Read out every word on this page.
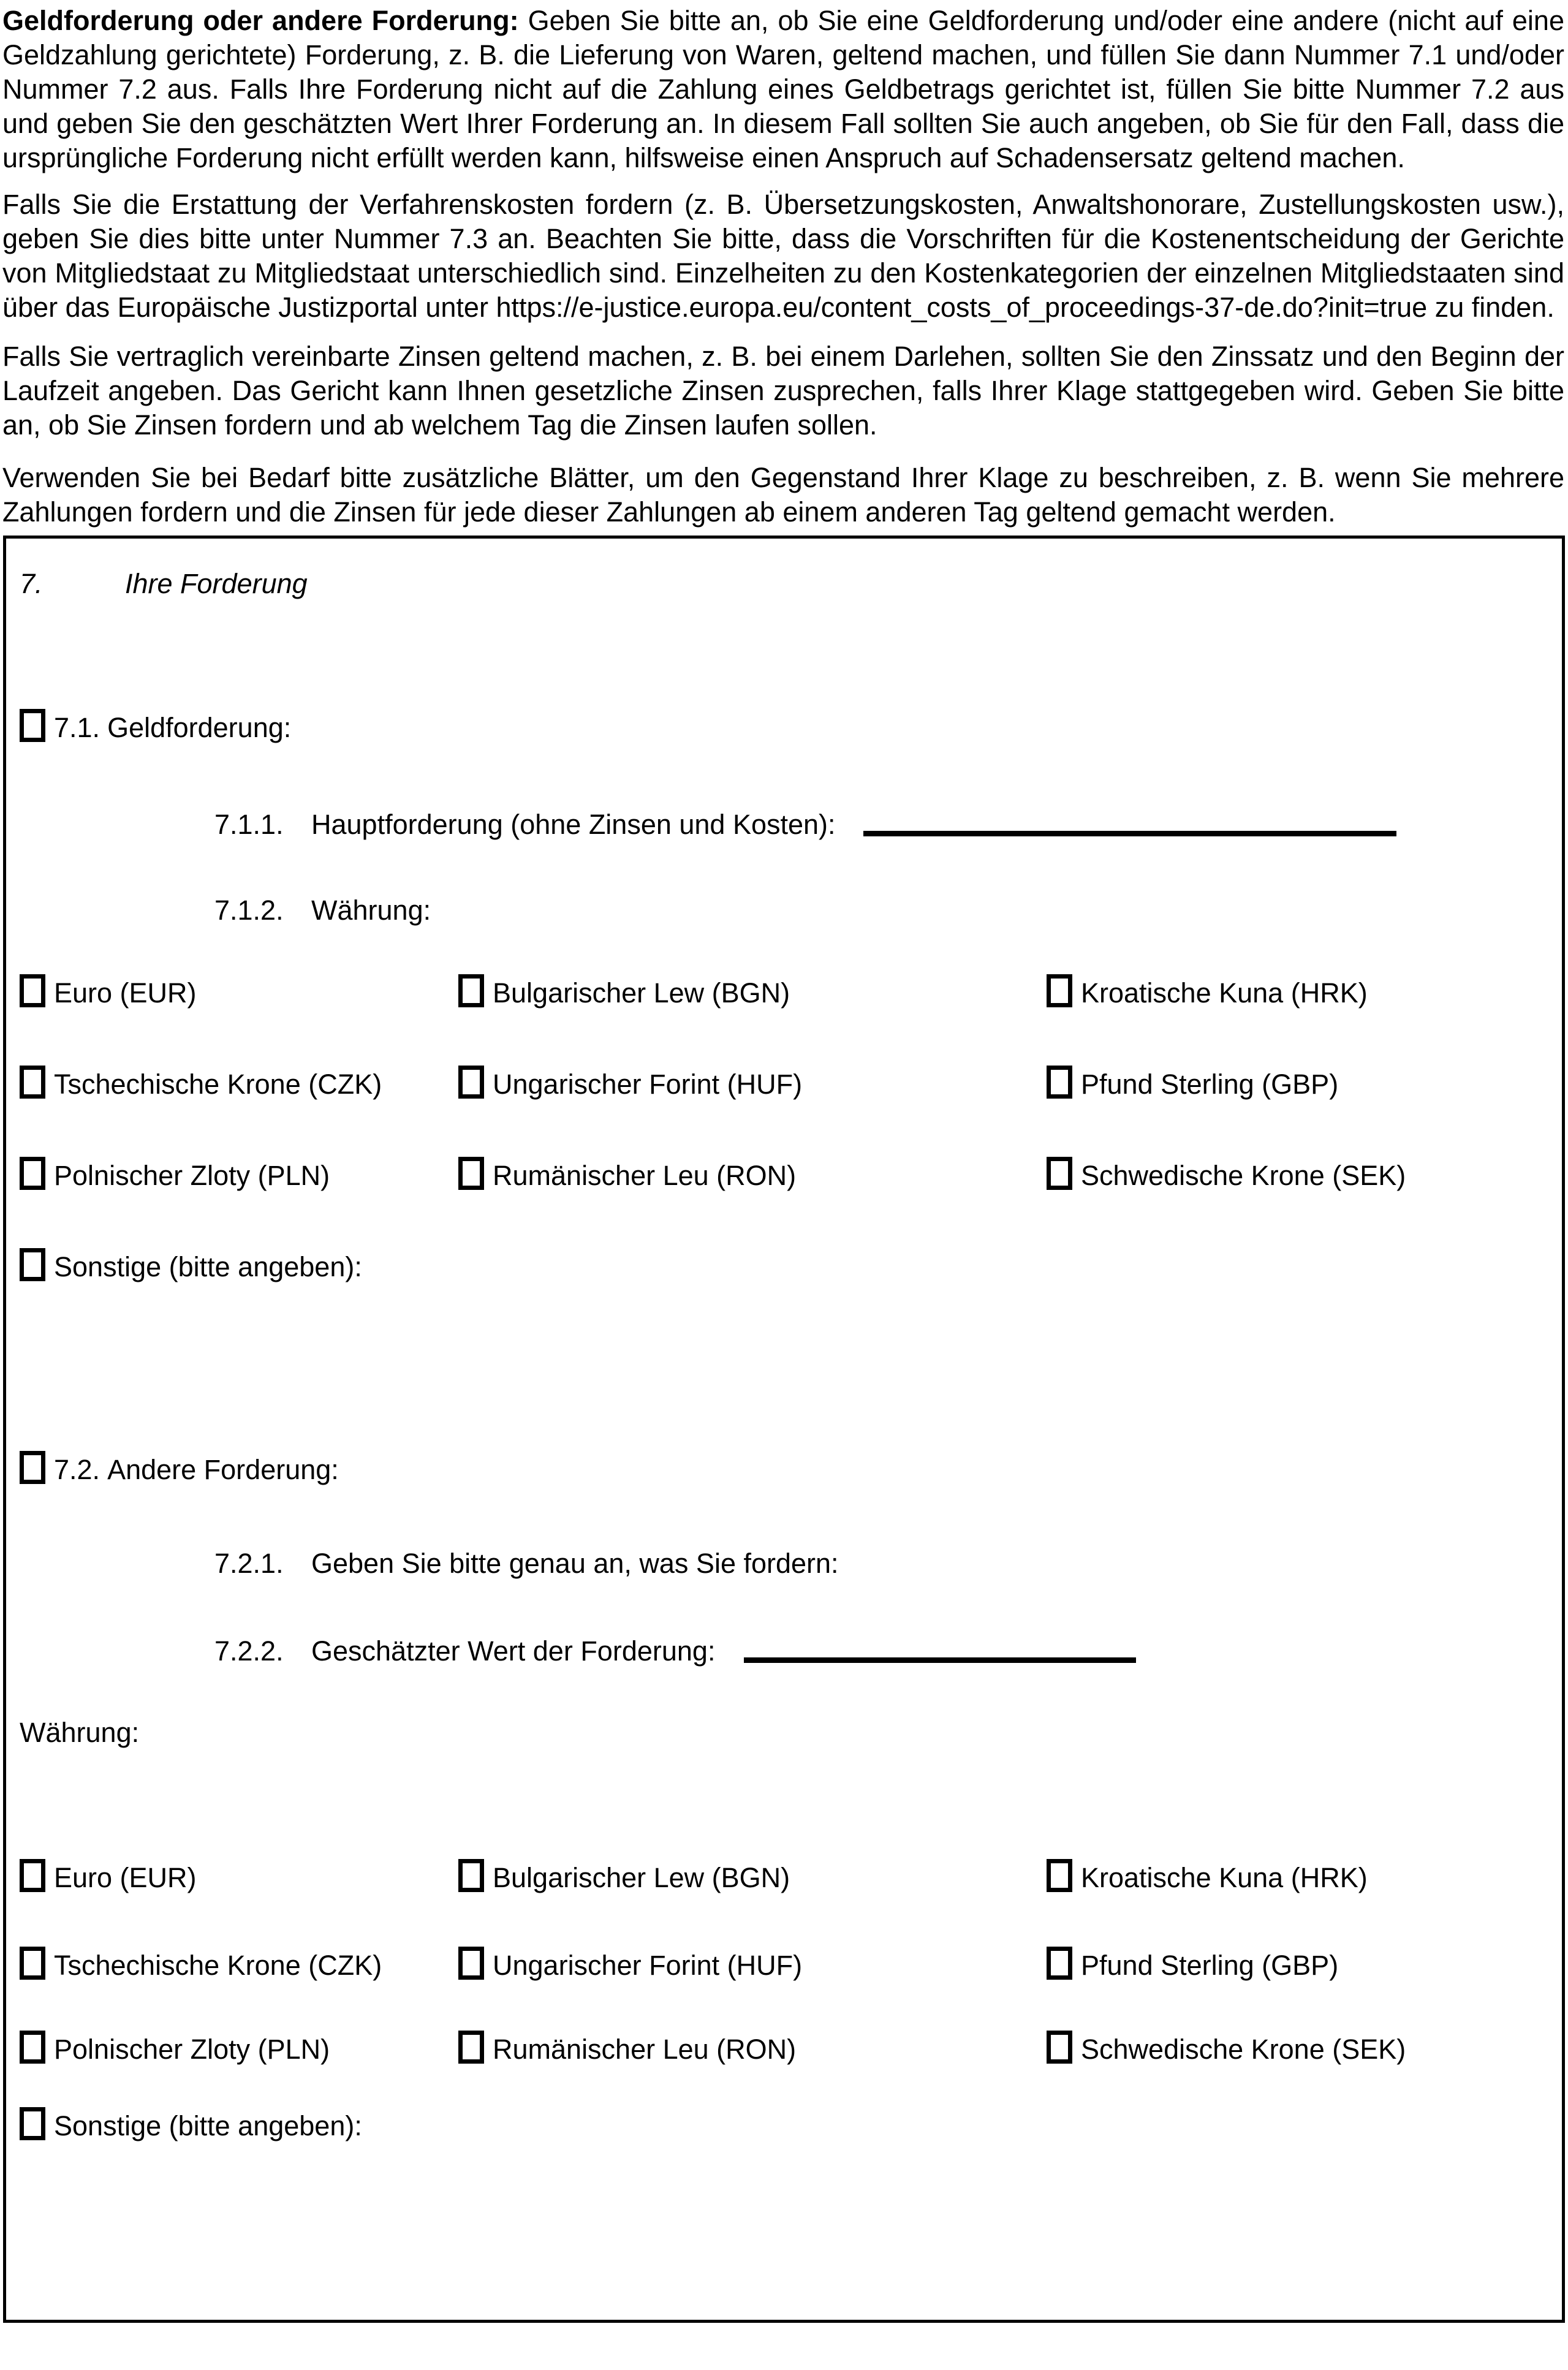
Geldforderung oder andere Forderung: Geben Sie bitte an, ob Sie eine Geldforderung und/oder eine andere (nicht auf eine Geldzahlung gerichtete) Forderung, z. B. die Lieferung von Waren, geltend machen, und füllen Sie dann Nummer 7.1 und/oder Nummer 7.2 aus. Falls Ihre Forderung nicht auf die Zahlung eines Geldbetrags gerichtet ist, füllen Sie bitte Nummer 7.2 aus und geben Sie den geschätzten Wert Ihrer Forderung an. In diesem Fall sollten Sie auch angeben, ob Sie für den Fall, dass die ursprüngliche Forderung nicht erfüllt werden kann, hilfsweise einen Anspruch auf Schadensersatz geltend machen.

Falls Sie die Erstattung der Verfahrenskosten fordern (z. B. Übersetzungskosten, Anwaltshonorare, Zustellungskosten usw.), geben Sie dies bitte unter Nummer 7.3 an. Beachten Sie bitte, dass die Vorschriften für die Kostenentscheidung der Gerichte von Mitgliedstaat zu Mitgliedstaat unterschiedlich sind. Einzelheiten zu den Kostenkategorien der einzelnen Mitgliedstaaten sind über das Europäische Justizportal unter https://e-justice.europa.eu/content_costs_of_proceedings-37-de.do?init=true zu finden.

Falls Sie vertraglich vereinbarte Zinsen geltend machen, z. B. bei einem Darlehen, sollten Sie den Zinssatz und den Beginn der Laufzeit angeben. Das Gericht kann Ihnen gesetzliche Zinsen zusprechen, falls Ihrer Klage stattgegeben wird. Geben Sie bitte an, ob Sie Zinsen fordern und ab welchem Tag die Zinsen laufen sollen.

Verwenden Sie bei Bedarf bitte zusätzliche Blätter, um den Gegenstand Ihrer Klage zu beschreiben, z. B. wenn Sie mehrere Zahlungen fordern und die Zinsen für jede dieser Zahlungen ab einem anderen Tag geltend gemacht werden.

7.	Ihre Forderung
7.1. Geldforderung:
7.1.1. Hauptforderung (ohne Zinsen und Kosten):
7.1.2. Währung:
Euro (EUR)	Bulgarischer Lew (BGN)	Kroatische Kuna (HRK)
Tschechische Krone (CZK)	Ungarischer Forint (HUF)	Pfund Sterling (GBP)
Polnischer Zloty (PLN)	Rumänischer Leu (RON)	Schwedische Krone (SEK)
Sonstige (bitte angeben):
7.2. Andere Forderung:
7.2.1. Geben Sie bitte genau an, was Sie fordern:
7.2.2. Geschätzter Wert der Forderung:
Währung:
Euro (EUR)	Bulgarischer Lew (BGN)	Kroatische Kuna (HRK)
Tschechische Krone (CZK)	Ungarischer Forint (HUF)	Pfund Sterling (GBP)
Polnischer Zloty (PLN)	Rumänischer Leu (RON)	Schwedische Krone (SEK)
Sonstige (bitte angeben):
